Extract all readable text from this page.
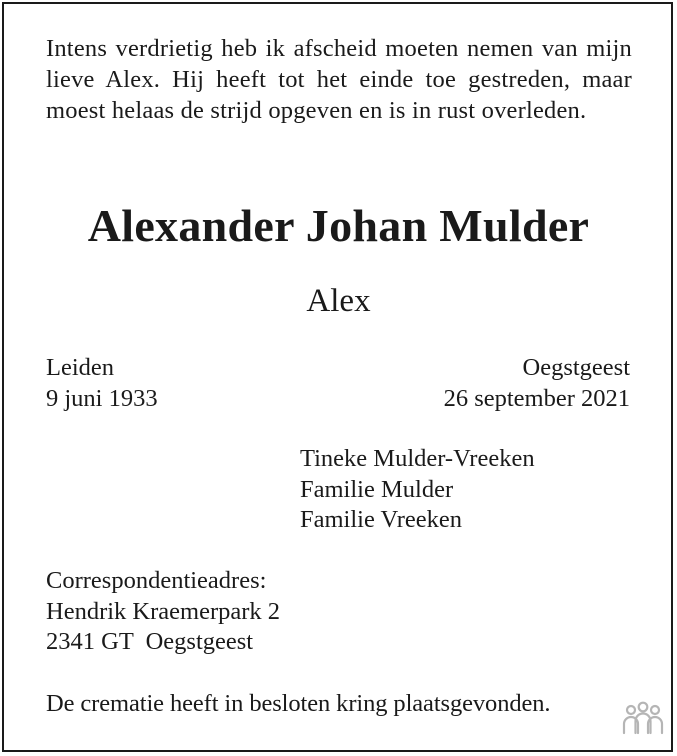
Intens verdrietig heb ik afscheid moeten nemen van mijn lieve Alex. Hij heeft tot het einde toe gestreden, maar moest helaas de strijd opgeven en is in rust overleden.
Alexander Johan Mulder
Alex
Leiden
9 juni 1933
Oegstgeest
26 september 2021
Tineke Mulder-Vreeken
Familie Mulder
Familie Vreeken
Correspondentieadres:
Hendrik Kraemerpark 2
2341 GT  Oegstgeest
De crematie heeft in besloten kring plaatsgevonden.
